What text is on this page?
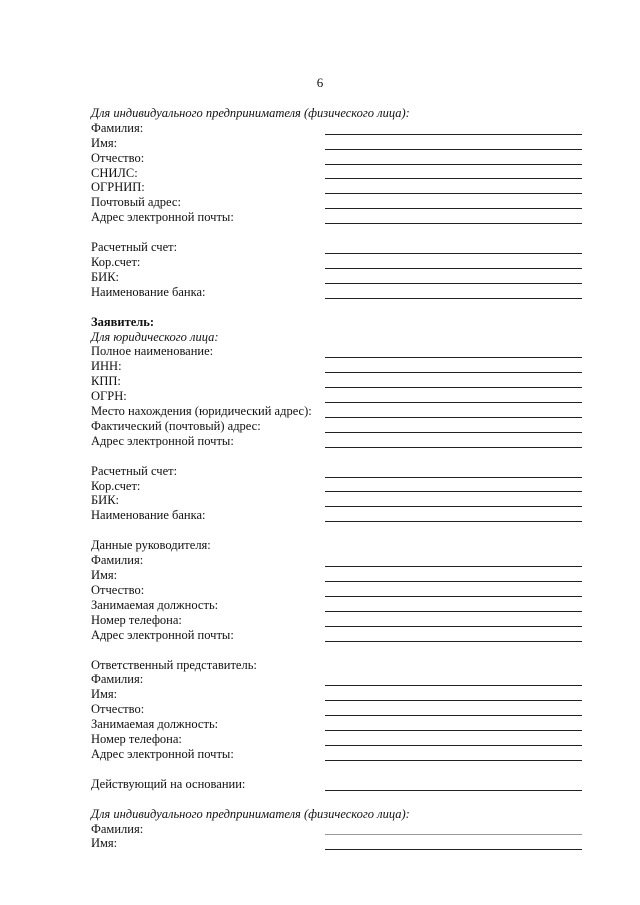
6
Для индивидуального предпринимателя (физического лица):
Фамилия:
Имя:
Отчество:
СНИЛС:
ОГРНИП:
Почтовый адрес:
Адрес электронной почты:
Расчетный счет:
Кор.счет:
БИК:
Наименование банка:
Заявитель:
Для юридического лица:
Полное наименование:
ИНН:
КПП:
ОГРН:
Место нахождения (юридический адрес):
Фактический (почтовый) адрес:
Адрес электронной почты:
Расчетный счет:
Кор.счет:
БИК:
Наименование банка:
Данные руководителя:
Фамилия:
Имя:
Отчество:
Занимаемая должность:
Номер телефона:
Адрес электронной почты:
Ответственный представитель:
Фамилия:
Имя:
Отчество:
Занимаемая должность:
Номер телефона:
Адрес электронной почты:
Действующий на основании:
Для индивидуального предпринимателя (физического лица):
Фамилия:
Имя:
